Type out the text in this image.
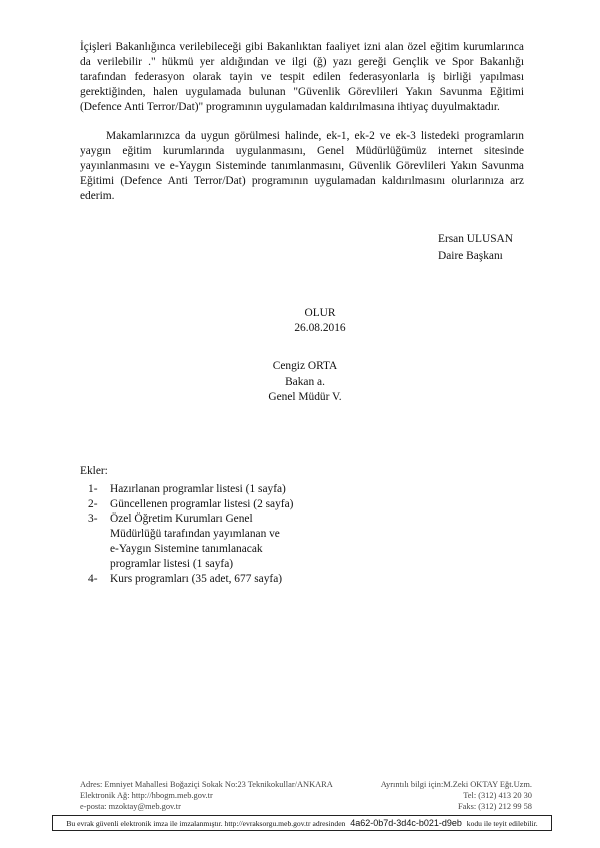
İçişleri Bakanlığınca verilebileceği gibi Bakanlıktan faaliyet izni alan özel eğitim kurumlarınca da verilebilir ." hükmü yer aldığından ve ilgi (ğ) yazı gereği Gençlik ve Spor Bakanlığı tarafından federasyon olarak tayin ve tespit edilen federasyonlarla iş birliği yapılması gerektiğinden, halen uygulamada bulunan "Güvenlik Görevlileri Yakın Savunma Eğitimi (Defence Anti Terror/Dat)" programının uygulamadan kaldırılmasına ihtiyaç duyulmaktadır.

Makamlarınızca da uygun görülmesi halinde, ek-1, ek-2 ve ek-3 listedeki programların yaygın eğitim kurumlarında uygulanmasını, Genel Müdürlüğümüz internet sitesinde yayınlanmasını ve e-Yaygın Sisteminde tanımlanmasını, Güvenlik Görevlileri Yakın Savunma Eğitimi (Defence Anti Terror/Dat) programının uygulamadan kaldırılmasını olurlarınıza arz ederim.

Ersan ULUSAN
Daire Başkanı
OLUR
26.08.2016
Cengiz ORTA
Bakan a.
Genel Müdür V.
Ekler:
1- Hazırlanan programlar listesi (1 sayfa)
2- Güncellenen programlar listesi (2 sayfa)
3- Özel Öğretim Kurumları Genel Müdürlüğü tarafından yayımlanan ve e-Yaygın Sistemine tanımlanacak programlar listesi (1 sayfa)
4- Kurs programları (35 adet, 677 sayfa)
Adres: Emniyet Mahallesi Boğaziçi Sokak No:23 Teknikokullar/ANKARA	Ayrıntılı bilgi için:M.Zeki OKTAY Eğt.Uzm.
Elektronik Ağ: http://hbogm.meb.gov.tr	Tel: (312) 413 20 30
e-posta: mzoktay@meb.gov.tr	Faks: (312) 212 99 58
Bu evrak güvenli elektronik imza ile imzalanmıştır. http://evraksorgu.meb.gov.tr adresinden 4a62-0b7d-3d4c-b021-d9eb kodu ile teyit edilebilir.
